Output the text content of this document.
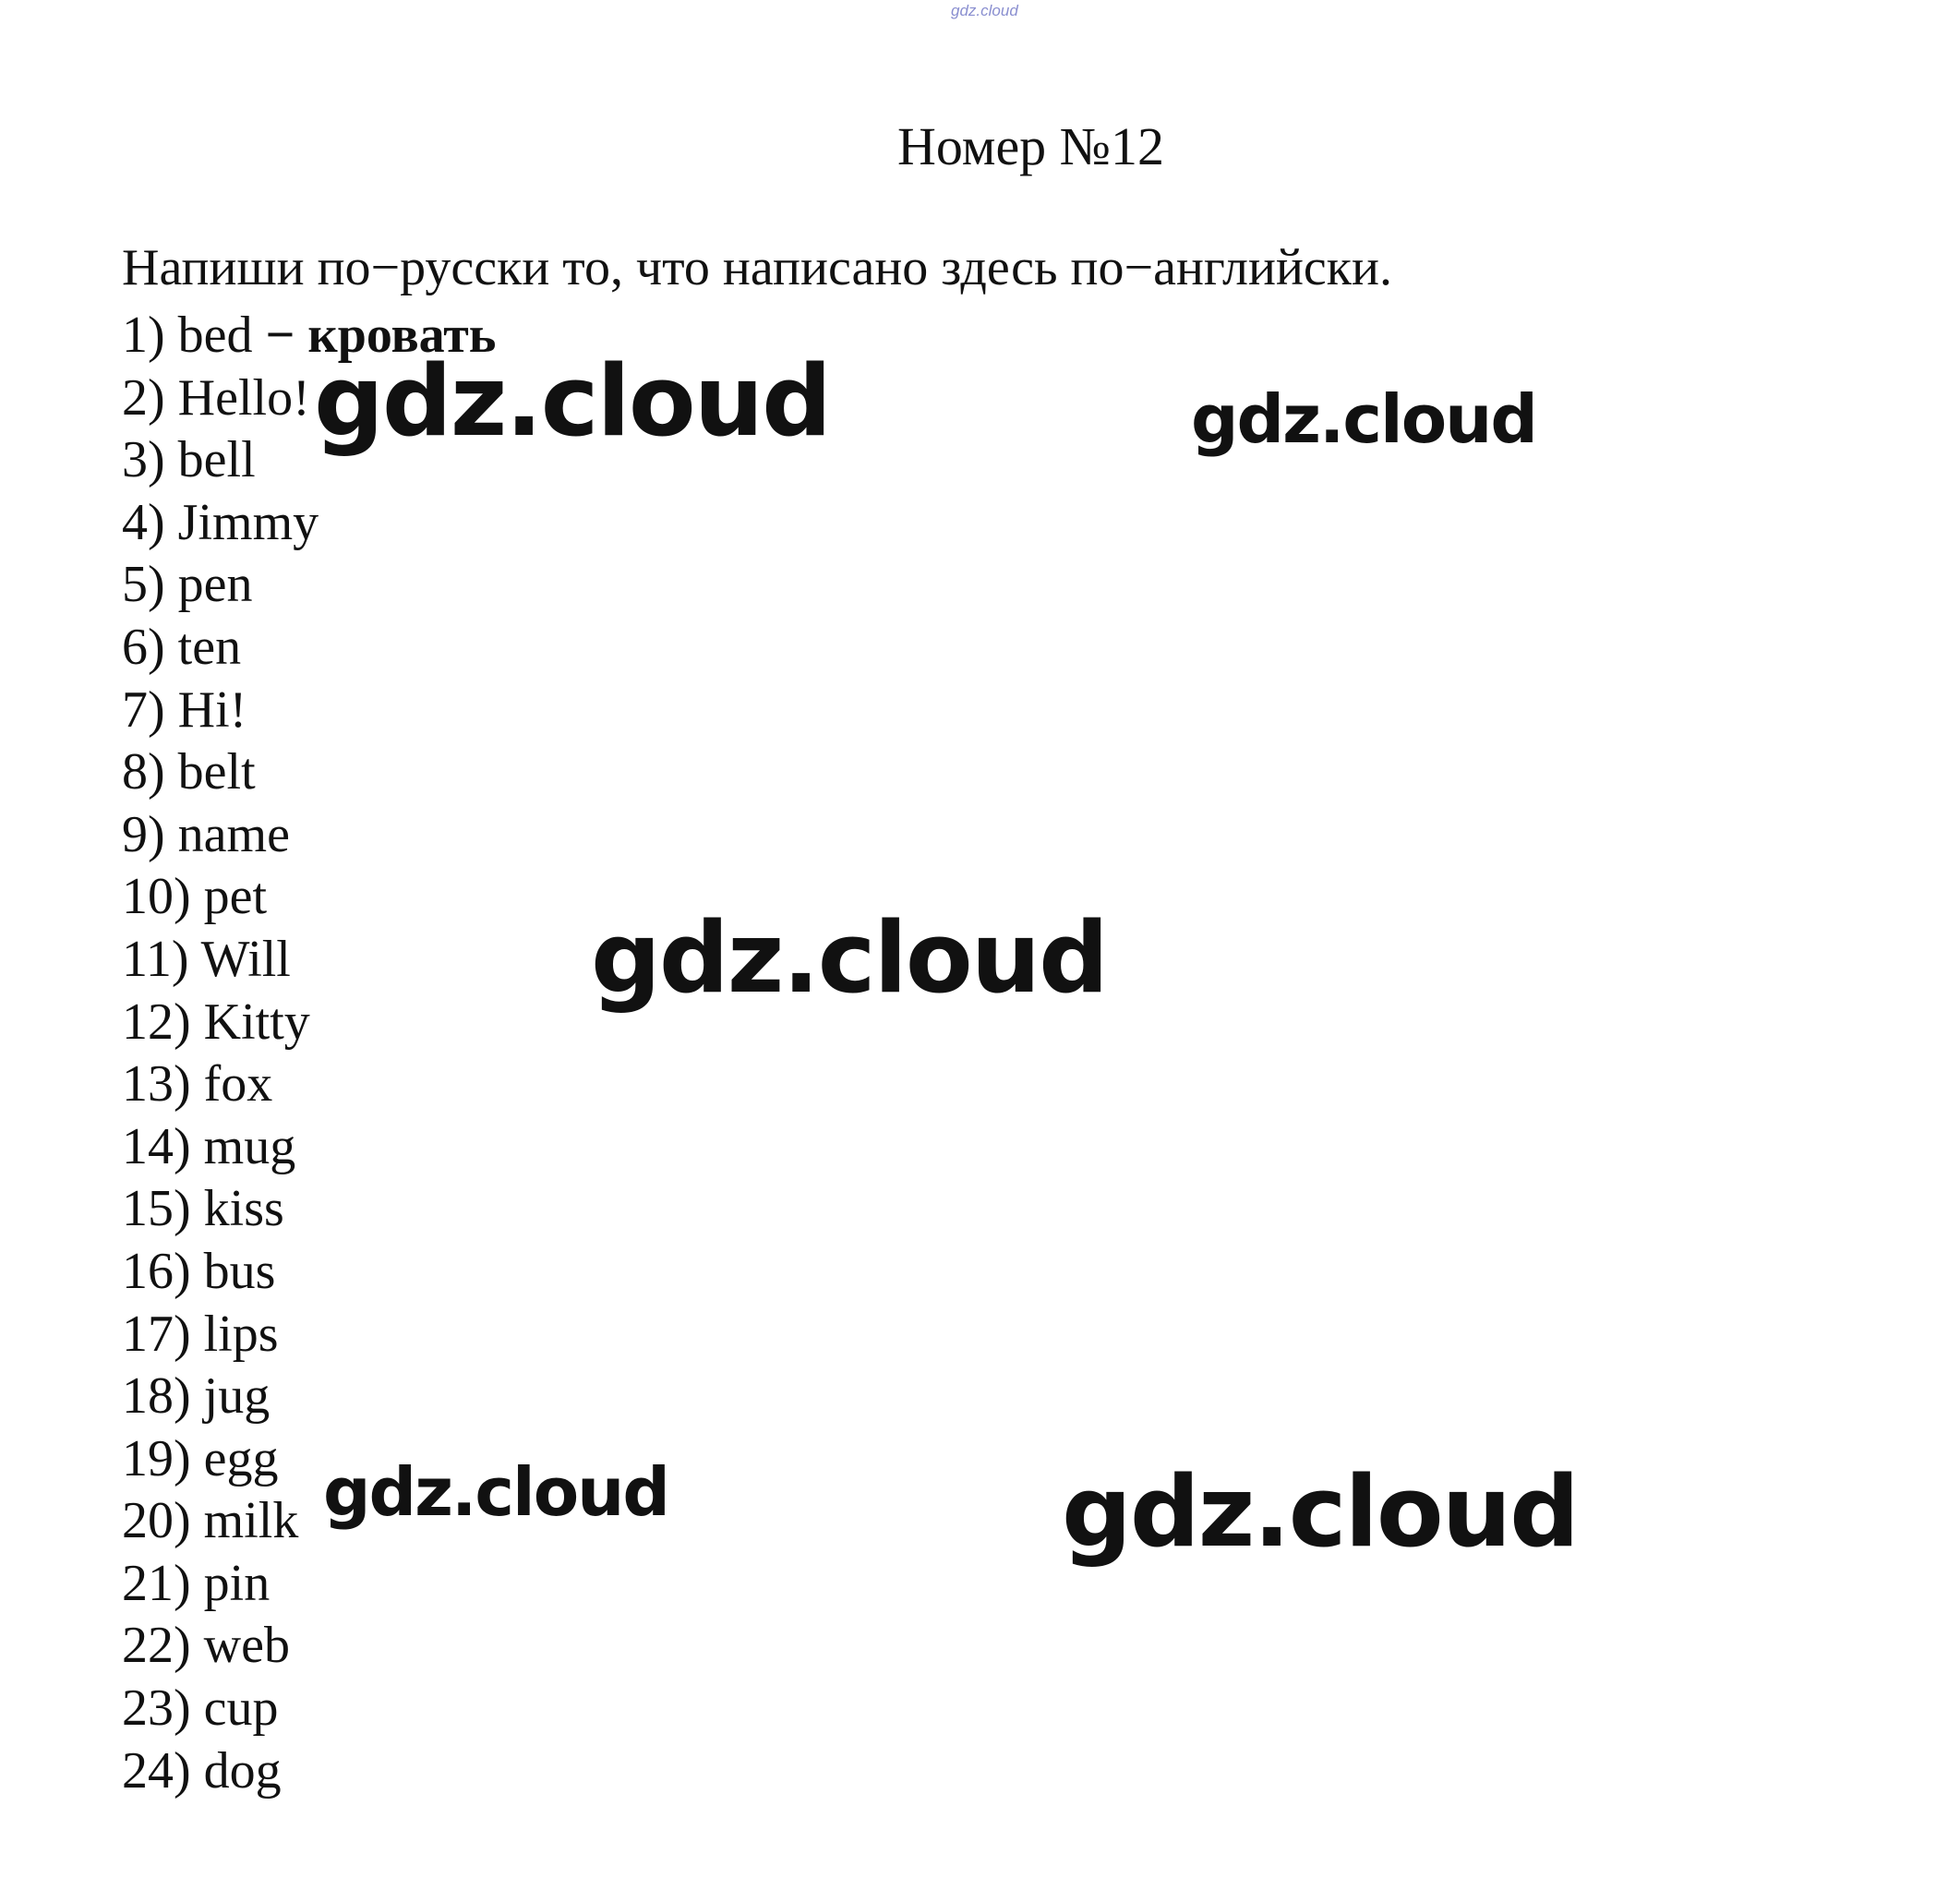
gdz.cloud
Номер №12
Напиши по−русски то, что написано здесь по−английски.
1) bed − кровать
2) Hello!
3) bell
4) Jimmy
5) pen
6) ten
7) Hi!
8) belt
9) name
10) pet
11) Will
12) Kitty
13) fox
14) mug
15) kiss
16) bus
17) lips
18) jug
19) egg
20) milk
21) pin
22) web
23) cup
24) dog
gdz.cloud	gdz.cloud
gdz.cloud
gdz.cloud	gdz.cloud
